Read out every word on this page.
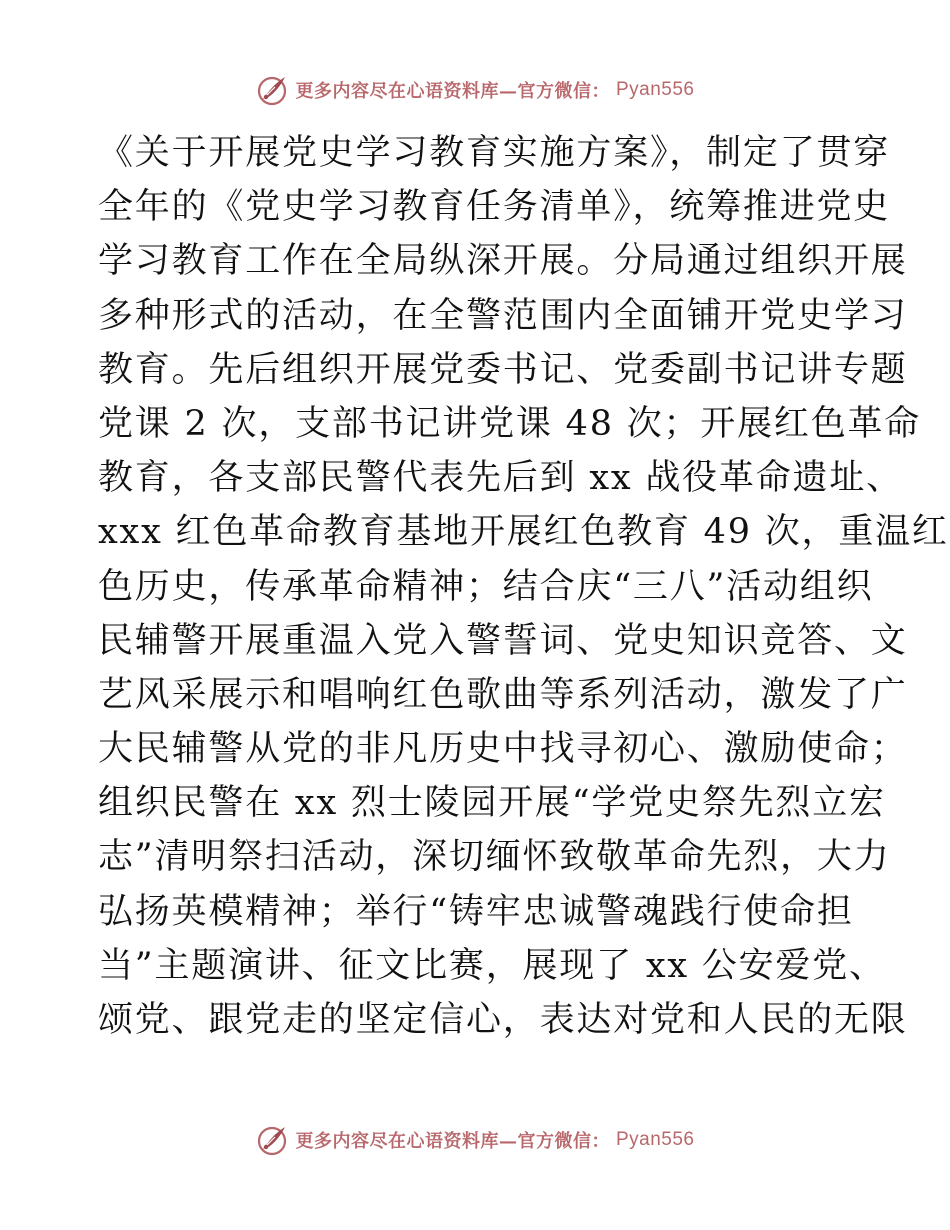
更多内容尽在心语资料库—官方微信： Pyan556
《关于开展党史学习教育实施方案》，制定了贯穿
全年的《党史学习教育任务清单》，统筹推进党史
学习教育工作在全局纵深开展。分局通过组织开展
多种形式的活动，在全警范围内全面铺开党史学习
教育。先后组织开展党委书记、党委副书记讲专题
党课 2 次，支部书记讲党课 48 次；开展红色革命
教育，各支部民警代表先后到 xx 战役革命遗址、
xxx 红色革命教育基地开展红色教育 49 次，重温红
色历史，传承革命精神；结合庆“三八”活动组织
民辅警开展重温入党入警誓词、党史知识竞答、文
艺风采展示和唱响红色歌曲等系列活动，激发了广
大民辅警从党的非凡历史中找寻初心、激励使命；
组织民警在 xx 烈士陵园开展“学党史祭先烈立宏
志”清明祭扫活动，深切缅怀致敬革命先烈，大力
弘扬英模精神；举行“铸牢忠诚警魂践行使命担
当”主题演讲、征文比赛，展现了 xx 公安爱党、
颂党、跟党走的坚定信心，表达对党和人民的无限
更多内容尽在心语资料库—官方微信： Pyan556
